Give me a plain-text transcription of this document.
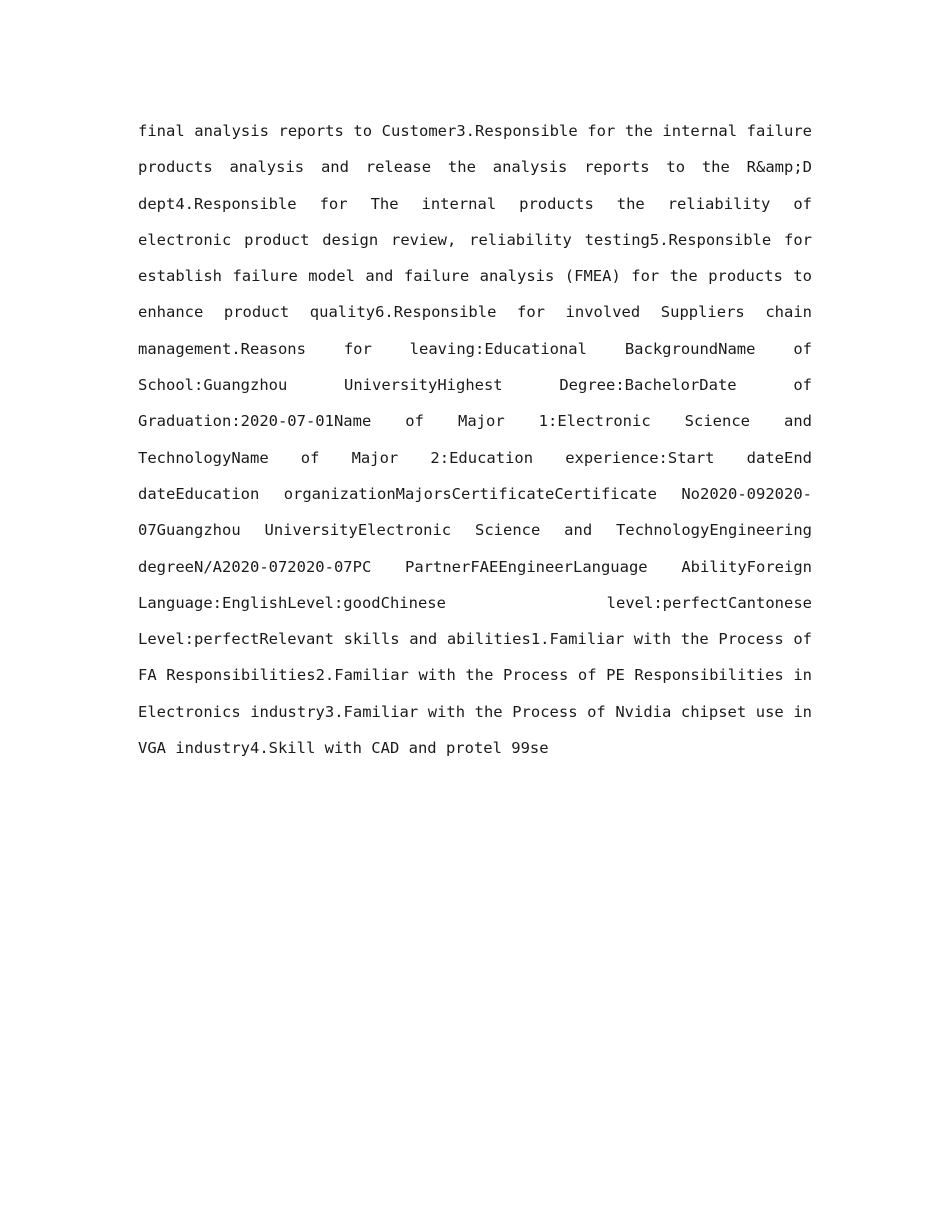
final analysis reports to Customer3.Responsible for the internal failure
products analysis and release the analysis reports to the R&amp;D
dept4.Responsible for The internal products the reliability of
electronic product design review, reliability testing5.Responsible for
establish failure model and failure analysis (FMEA) for the products to
enhance product quality6.Responsible for involved Suppliers chain
management.Reasons for leaving:Educational BackgroundName of
School:Guangzhou UniversityHighest Degree:BachelorDate of
Graduation:2020-07-01Name of Major 1:Electronic Science and
TechnologyName of Major 2:Education experience:Start dateEnd
dateEducation organizationMajorsCertificateCertificate No2020-092020-
07Guangzhou UniversityElectronic Science and TechnologyEngineering
degreeN/A2020-072020-07PC PartnerFAEEngineerLanguage AbilityForeign
Language:EnglishLevel:goodChinese level:perfectCantonese
Level:perfectRelevant skills and abilities1.Familiar with the Process of
FA Responsibilities2.Familiar with the Process of PE Responsibilities in
Electronics industry3.Familiar with the Process of Nvidia chipset use in
VGA industry4.Skill with CAD and protel 99se
